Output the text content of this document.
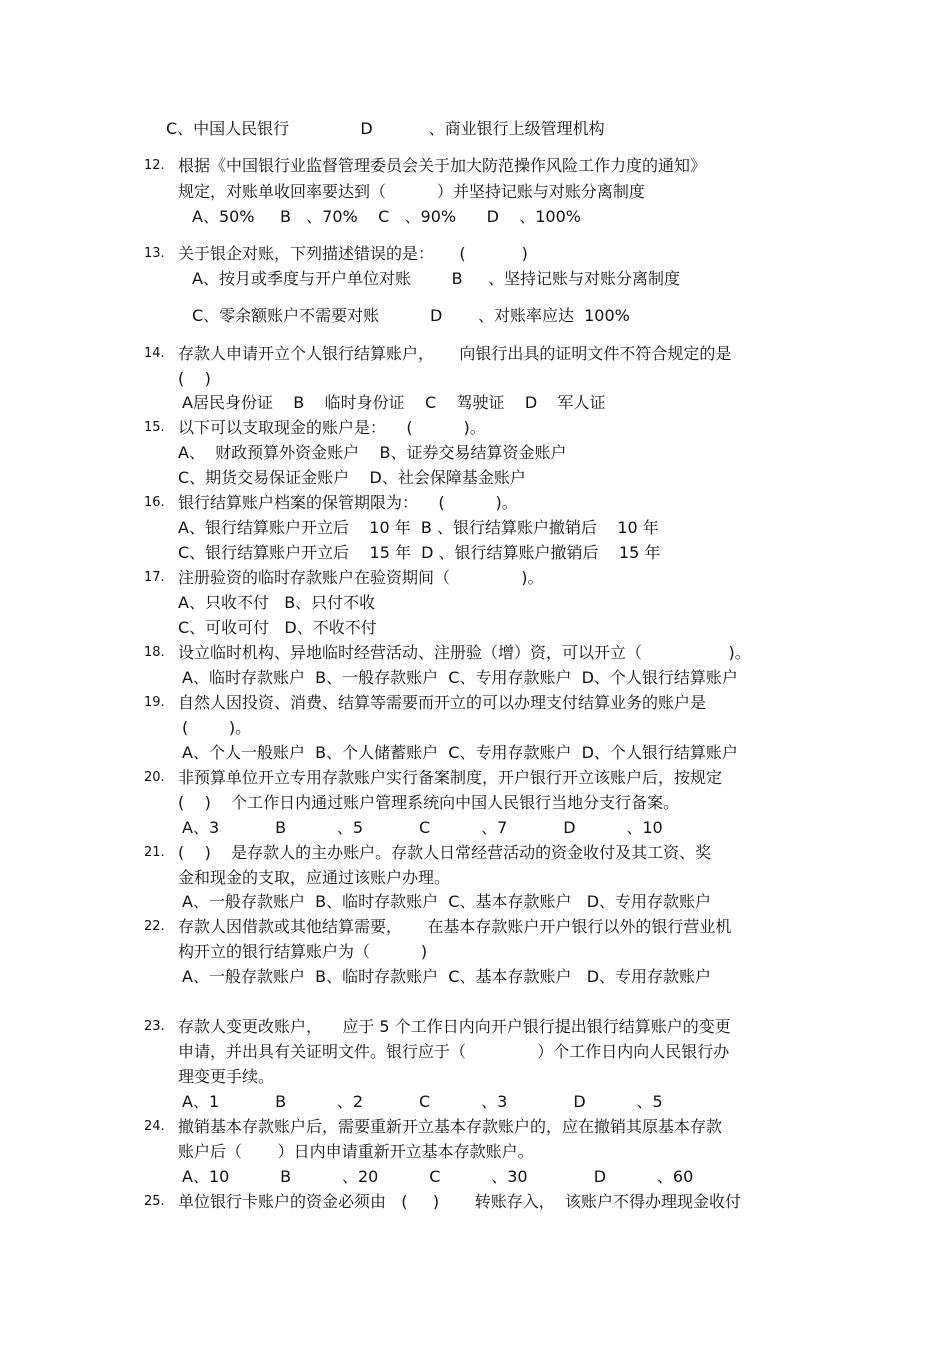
C、中国人民银行              D           、商业银行上级管理机构
12. 根据《中国银行业监督管理委员会关于加大防范操作风险工作力度的通知》
规定，对账单收回率要达到（          ）并坚持记账与对账分离制度
A、50%     B   、70%    C   、90%      D    、100%
13. 关于银企对账，下列描述错误的是：     (           )
A、按月或季度与开户单位对账        B     、坚持记账与对账分离制度
C、零余额账户不需要对账          D       、对账率应达  100%
14. 存款人申请开立个人银行结算账户，     向银行出具的证明文件不符合规定的是
(    )
A居民身份证    B    临时身份证    C    驾驶证    D    军人证
15. 以下可以支取现金的账户是：    (          )。
A、  财政预算外资金账户    B、证券交易结算资金账户
C、期货交易保证金账户    D、社会保障基金账户
16. 银行结算账户档案的保管期限为：    (          )。
A、银行结算账户开立后    10 年  B 、银行结算账户撤销后    10 年
C、银行结算账户开立后    15 年  D 、银行结算账户撤销后    15 年
17. 注册验资的临时存款账户在验资期间（              )。
A、只收不付   B、只付不收
C、可收可付   D、不收不付
18. 设立临时机构、异地临时经营活动、注册验（增）资，可以开立（                 )。
A、临时存款账户  B、一般存款账户  C、专用存款账户  D、个人银行结算账户
19. 自然人因投资、消费、结算等需要而开立的可以办理支付结算业务的账户是
(        )。
A、个人一般账户  B、个人储蓄账户  C、专用存款账户  D、个人银行结算账户
20. 非预算单位开立专用存款账户实行备案制度，开户银行开立该账户后，按规定
(    )    个工作日内通过账户管理系统向中国人民银行当地分支行备案。
A、3           B          、5           C          、7           D          、10
21. (    )    是存款人的主办账户。存款人日常经营活动的资金收付及其工资、奖
金和现金的支取，应通过该账户办理。
A、一般存款账户  B、临时存款账户  C、基本存款账户   D、专用存款账户
22. 存款人因借款或其他结算需要，     在基本存款账户开户银行以外的银行营业机
构开立的银行结算账户为（          )
A、一般存款账户  B、临时存款账户  C、基本存款账户   D、专用存款账户
23. 存款人变更改账户，    应于 5 个工作日内向开户银行提出银行结算账户的变更
申请，并出具有关证明文件。银行应于（              ）个工作日内向人民银行办
理变更手续。
A、1           B          、2           C          、3             D          、5
24. 撤销基本存款账户后，需要重新开立基本存款账户的，应在撤销其原基本存款
账户后（       ）日内申请重新开立基本存款账户。
A、10          B          、20          C          、30             D          、60
25. 单位银行卡账户的资金必须由   (     )       转账存入，  该账户不得办理现金收付
